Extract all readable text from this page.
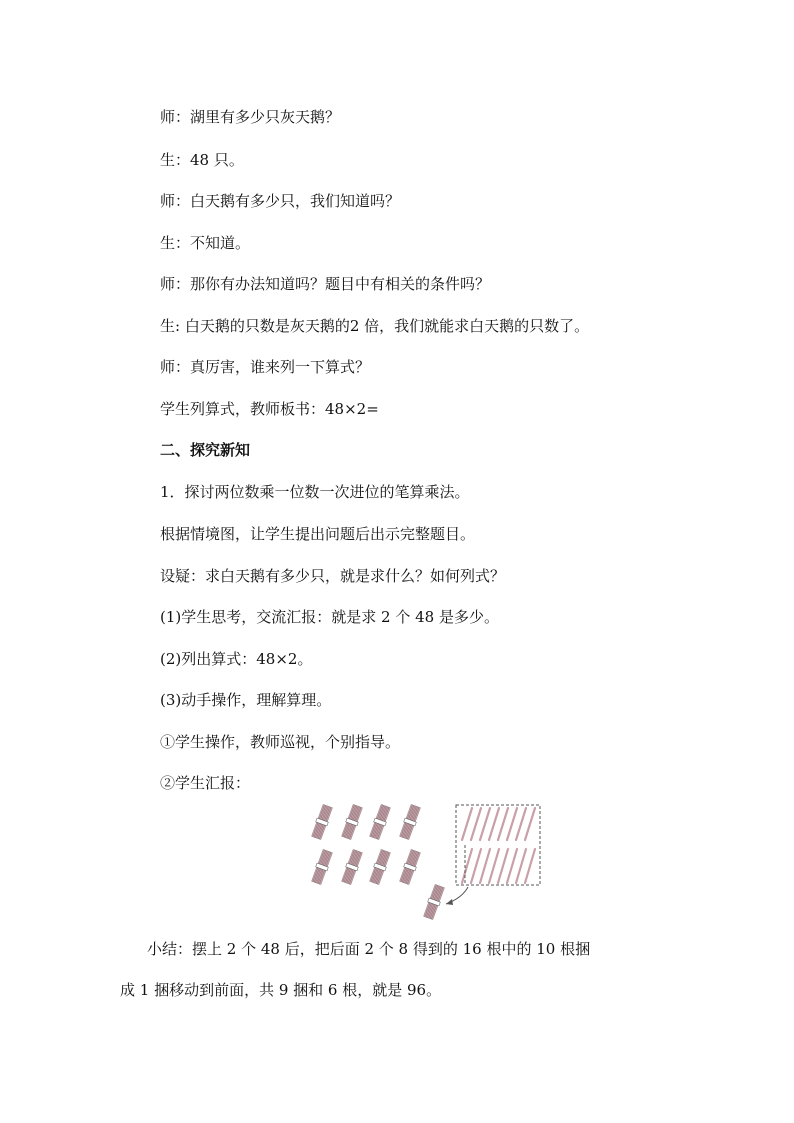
师：湖里有多少只灰天鹅？
生：48 只。
师：白天鹅有多少只，我们知道吗？
生：不知道。
师：那你有办法知道吗？题目中有相关的条件吗？
生: 白天鹅的只数是灰天鹅的2 倍，我们就能求白天鹅的只数了。
师：真厉害，谁来列一下算式？
学生列算式，教师板书：48×2=
二、探究新知
1．探讨两位数乘一位数一次进位的笔算乘法。
根据情境图，让学生提出问题后出示完整题目。
设疑：求白天鹅有多少只，就是求什么？如何列式？
(1)学生思考，交流汇报：就是求 2 个 48 是多少。
(2)列出算式：48×2。
(3)动手操作，理解算理。
①学生操作，教师巡视，个别指导。
②学生汇报：
小结：摆上 2 个 48 后，把后面 2 个 8 得到的 16 根中的 10 根捆
成 1 捆移动到前面，共 9 捆和 6 根，就是 96。
